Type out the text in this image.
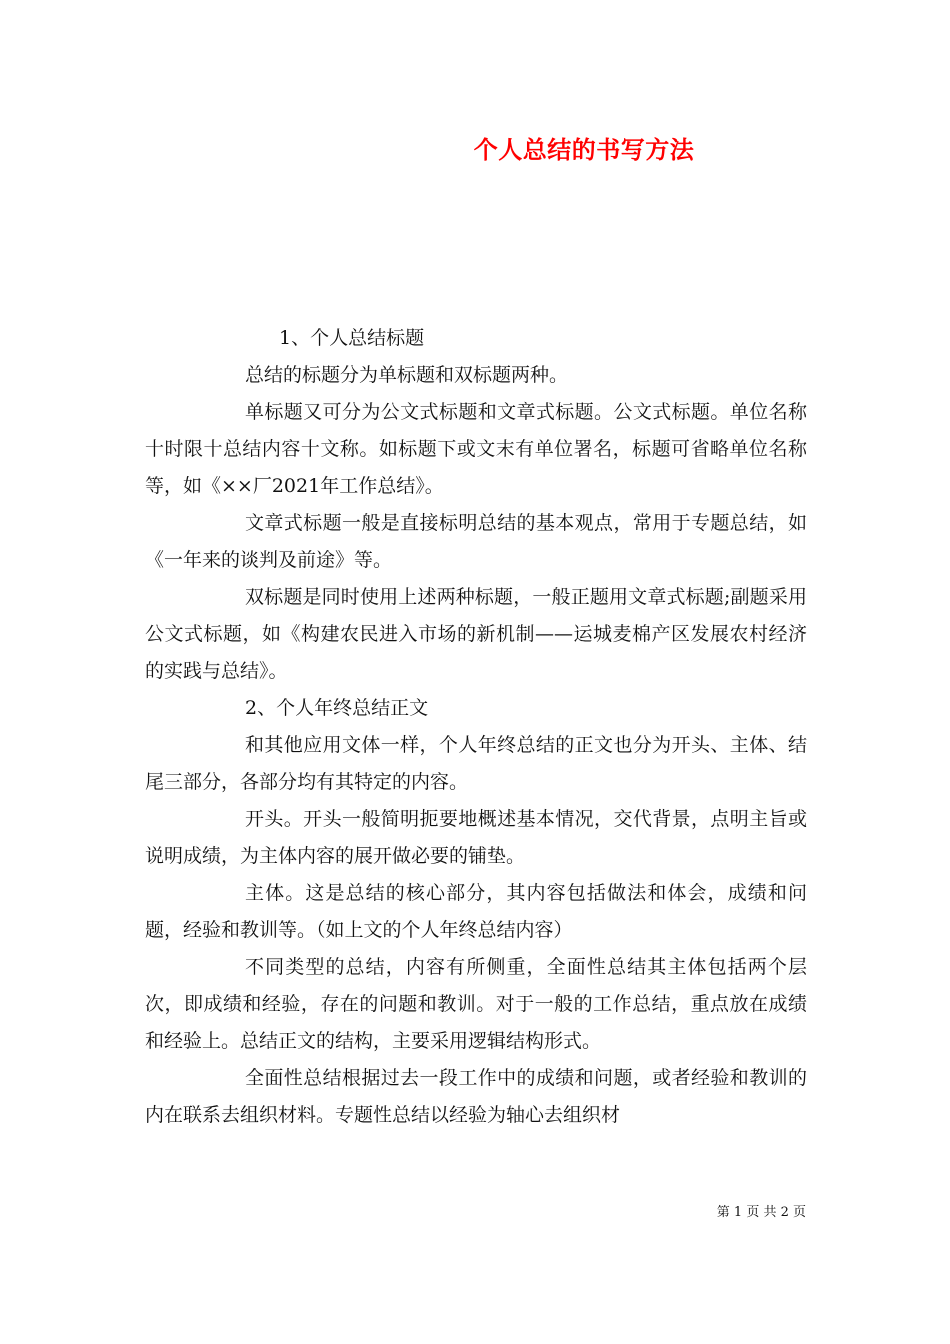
个人总结的书写方法

1、个人总结标题

总结的标题分为单标题和双标题两种。

单标题又可分为公文式标题和文章式标题。公文式标题。单位名称十时限十总结内容十文称。如标题下或文末有单位署名，标题可省略单位名称等，如《××厂2021年工作总结》。

文章式标题一般是直接标明总结的基本观点，常用于专题总结，如《一年来的谈判及前途》等。

双标题是同时使用上述两种标题，一般正题用文章式标题;副题采用公文式标题，如《构建农民进入市场的新机制——运城麦棉产区发展农村经济的实践与总结》。

2、个人年终总结正文

和其他应用文体一样，个人年终总结的正文也分为开头、主体、结尾三部分，各部分均有其特定的内容。

开头。开头一般简明扼要地概述基本情况，交代背景，点明主旨或说明成绩，为主体内容的展开做必要的铺垫。

主体。这是总结的核心部分，其内容包括做法和体会，成绩和问题，经验和教训等。（如上文的个人年终总结内容）

不同类型的总结，内容有所侧重，全面性总结其主体包括两个层次，即成绩和经验，存在的问题和教训。对于一般的工作总结，重点放在成绩和经验上。总结正文的结构，主要采用逻辑结构形式。

全面性总结根据过去一段工作中的成绩和问题，或者经验和教训的内在联系去组织材料。专题性总结以经验为轴心去组织材

第 1 页 共 2 页
